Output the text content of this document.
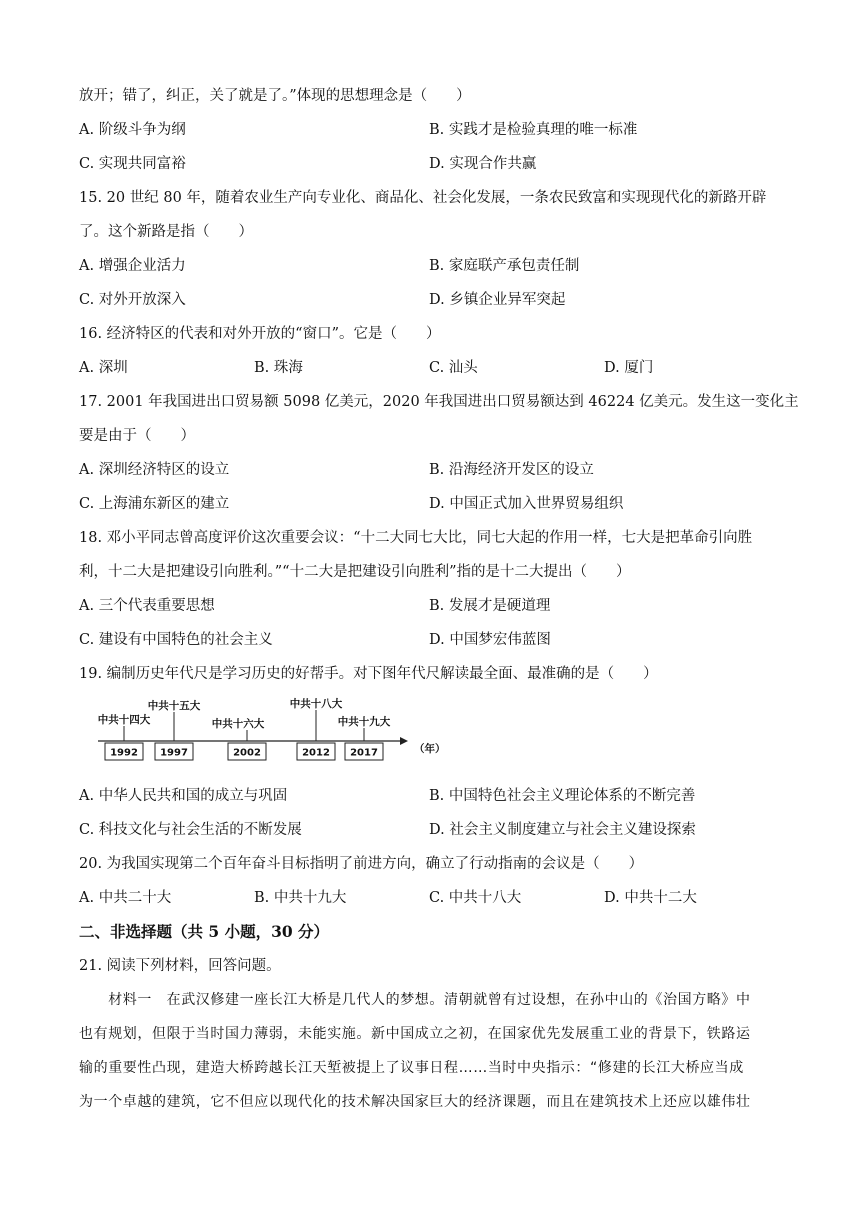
放开；错了，纠正，关了就是了。”体现的思想理念是（　　）
A. 阶级斗争为纲	B. 实践才是检验真理的唯一标准
C. 实现共同富裕	D. 实现合作共赢
15. 20 世纪 80 年，随着农业生产向专业化、商品化、社会化发展，一条农民致富和实现现代化的新路开辟
了。这个新路是指（　　）
A. 增强企业活力	B. 家庭联产承包责任制
C. 对外开放深入	D. 乡镇企业异军突起
16. 经济特区的代表和对外开放的“窗口”。它是（　　）
A. 深圳	B. 珠海	C. 汕头	D. 厦门
17. 2001 年我国进出口贸易额 5098 亿美元，2020 年我国进出口贸易额达到 46224 亿美元。发生这一变化主
要是由于（　　）
A. 深圳经济特区的设立	B. 沿海经济开发区的设立
C. 上海浦东新区的建立	D. 中国正式加入世界贸易组织
18. 邓小平同志曾高度评价这次重要会议：“十二大同七大比，同七大起的作用一样，七大是把革命引向胜
利，十二大是把建设引向胜利。”“十二大是把建设引向胜利”指的是十二大提出（　　）
A. 三个代表重要思想	B. 发展才是硬道理
C. 建设有中国特色的社会主义	D. 中国梦宏伟蓝图
19. 编制历史年代尺是学习历史的好帮手。对下图年代尺解读最全面、最准确的是（　　）
中共十四大
中共十五大
中共十六大
中共十八大
中共十九大
1992 1997	2002	2012 2017	（年）
A. 中华人民共和国的成立与巩固	B. 中国特色社会主义理论体系的不断完善
C. 科技文化与社会生活的不断发展	D. 社会主义制度建立与社会主义建设探索
20. 为我国实现第二个百年奋斗目标指明了前进方向，确立了行动指南的会议是（　　）
A. 中共二十大	B. 中共十九大	C. 中共十八大	D. 中共十二大
二、非选择题（共 5 小题，30 分）
21. 阅读下列材料，回答问题。
　　材料一　在武汉修建一座长江大桥是几代人的梦想。清朝就曾有过设想，在孙中山的《治国方略》中
也有规划，但限于当时国力薄弱，未能实施。新中国成立之初，在国家优先发展重工业的背景下，铁路运
输的重要性凸现，建造大桥跨越长江天堑被提上了议事日程……当时中央指示：“修建的长江大桥应当成
为一个卓越的建筑，它不但应以现代化的技术解决国家巨大的经济课题，而且在建筑技术上还应以雄伟壮
